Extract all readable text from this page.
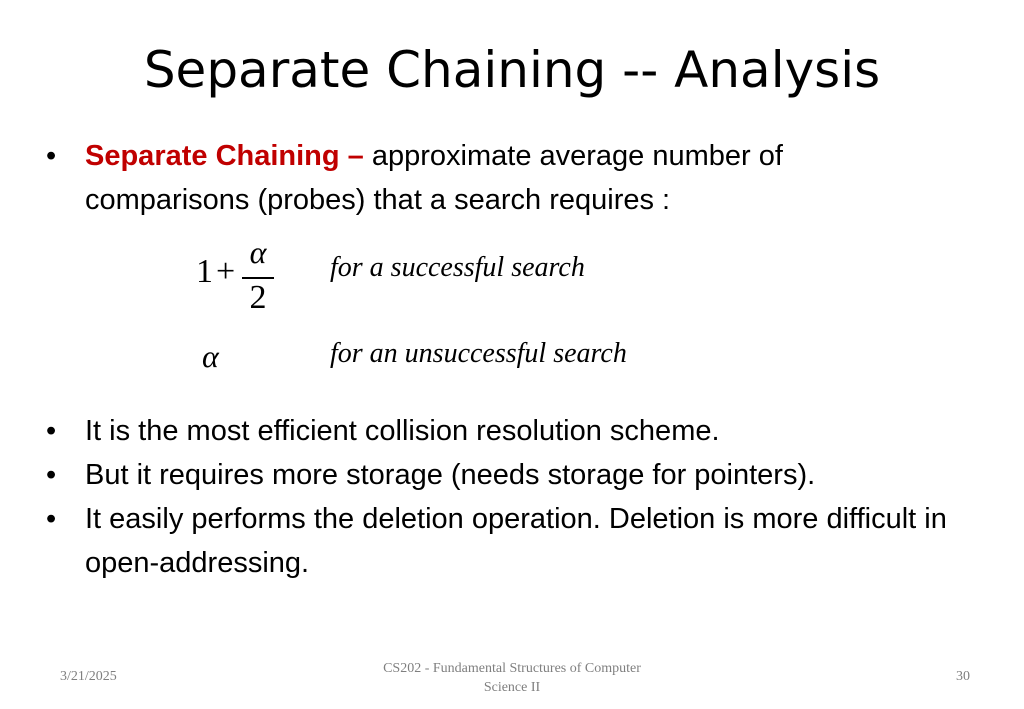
Separate Chaining -- Analysis
• Separate Chaining – approximate average number of
comparisons (probes) that a search requires :
1 +
α
2
for a successful search
α	for an unsuccessful search
• It is the most efficient collision resolution scheme.
• But it requires more storage (needs storage for pointers).
• It easily performs the deletion operation. Deletion is more difficult in open-addressing.
3/21/2025
CS202 - Fundamental Structures of Computer
Science II
30
